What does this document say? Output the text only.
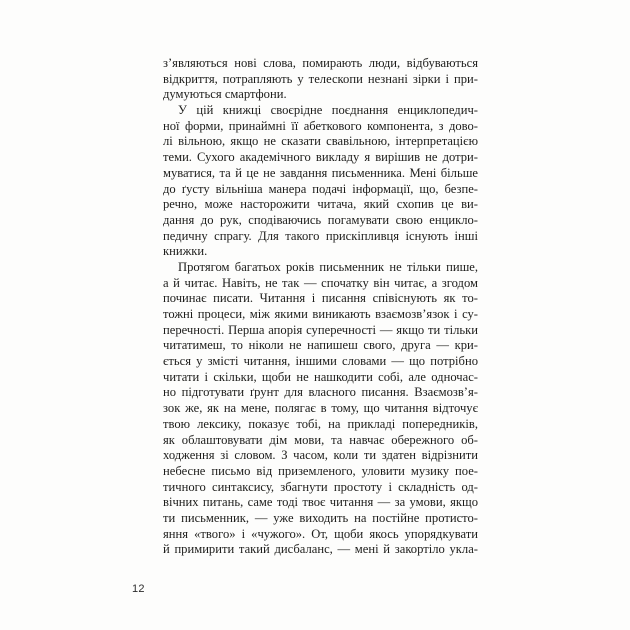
з’являються нові слова, помирають люди, відбуваються
відкриття, потрапляють у телескопи незнані зірки і при-
думуються смартфони.
У цій книжці своєрідне поєднання енциклопедич-
ної форми, принаймні її абеткового компонента, з дово-
лі вільною, якщо не сказати свавільною, інтерпретацією
теми. Сухого академічного викладу я вирішив не дотри-
муватися, та й це не завдання письменника. Мені більше
до ґусту вільніша манера подачі інформації, що, безпе-
речно, може насторожити читача, який схопив це ви-
дання до рук, сподіваючись погамувати свою енцикло-
педичну спрагу. Для такого прискіпливця існують інші
книжки.
Протягом багатьох років письменник не тільки пише,
а й читає. Навіть, не так — спочатку він читає, а згодом
починає писати. Читання і писання співіснують як то-
тожні процеси, між якими виникають взаємозв’язок і су-
перечності. Перша апорія суперечності — якщо ти тільки
читатимеш, то ніколи не напишеш свого, друга — кри-
ється у змісті читання, іншими словами — що потрібно
читати і скільки, щоби не нашкодити собі, але одночас-
но підготувати ґрунт для власного писання. Взаємозв’я-
зок же, як на мене, полягає в тому, що читання відточує
твою лексику, показує тобі, на прикладі попередників,
як облаштовувати дім мови, та навчає обережного об-
ходження зі словом. З часом, коли ти здатен відрізнити
небесне письмо від приземленого, уловити музику пое-
тичного синтаксису, збагнути простоту і складність од-
вічних питань, саме тоді твоє читання — за умови, якщо
ти письменник, — уже виходить на постійне протисто-
яння «твого» і «чужого». От, щоби якось упорядкувати
й примирити такий дисбаланс, — мені й закортіло укла-
12
